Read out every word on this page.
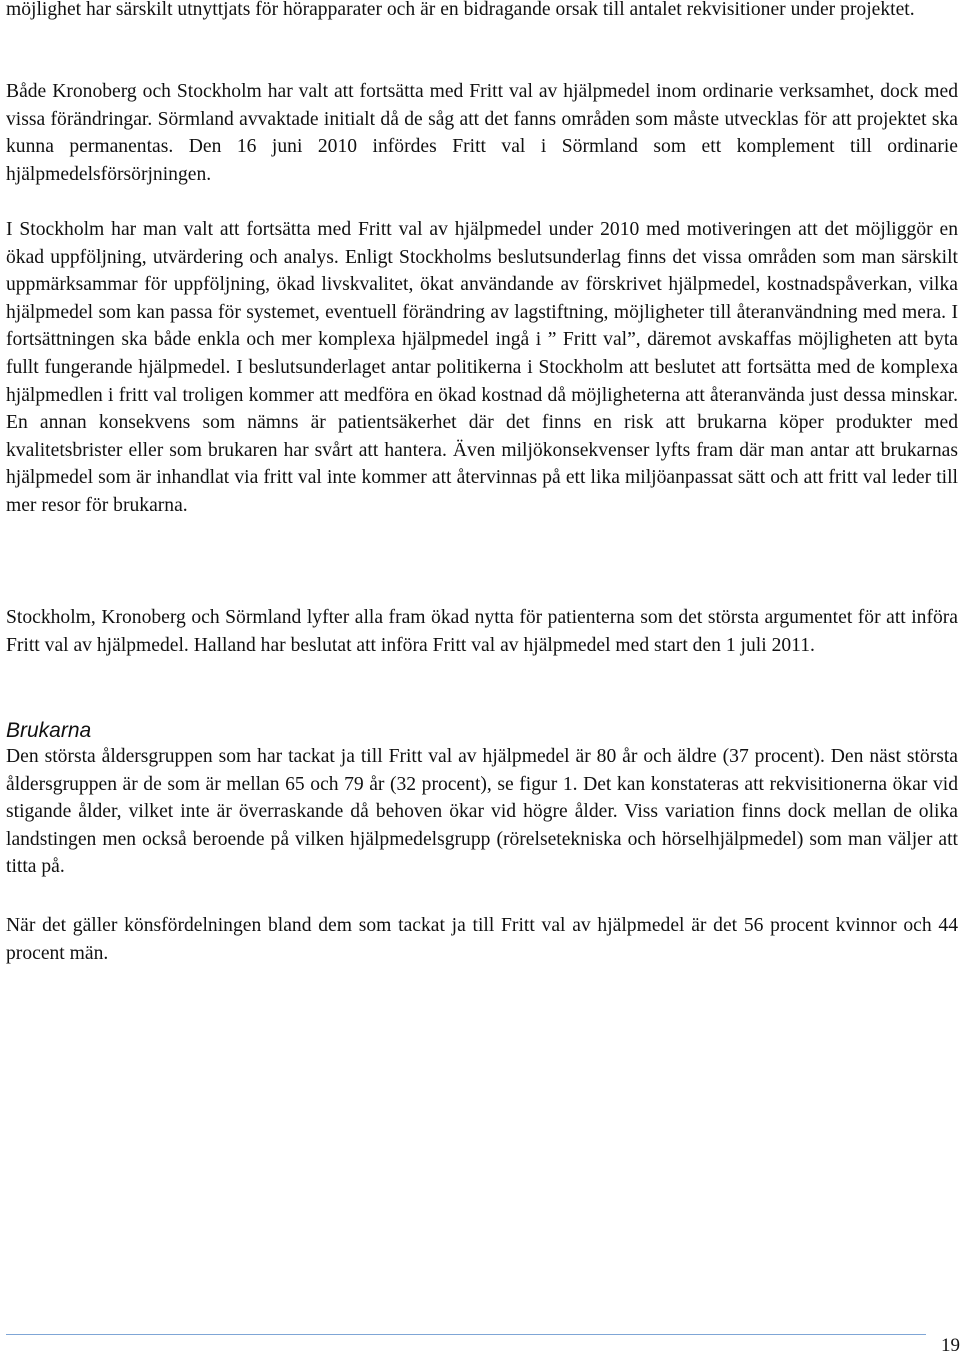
möjlighet har särskilt utnyttjats för hörapparater och är en bidragande orsak till antalet rekvisitioner under projektet.

Både Kronoberg och Stockholm har valt att fortsätta med Fritt val av hjälpmedel inom ordinarie verksamhet, dock med vissa förändringar. Sörmland avvaktade initialt då de såg att det fanns områden som måste utvecklas för att projektet ska kunna permanentas. Den 16 juni 2010 infördes Fritt val i Sörmland som ett komplement till ordinarie hjälpmedelsförsörjningen.

I Stockholm har man valt att fortsätta med Fritt val av hjälpmedel under 2010 med motiveringen att det möjliggör en ökad uppföljning, utvärdering och analys. Enligt Stockholms beslutsunderlag finns det vissa områden som man särskilt uppmärksammar för uppföljning, ökad livskvalitet, ökat användande av förskrivet hjälpmedel, kostnadspåverkan, vilka hjälpmedel som kan passa för systemet, eventuell förändring av lagstiftning, möjligheter till återanvändning med mera. I fortsättningen ska både enkla och mer komplexa hjälpmedel ingå i ” Fritt val”, däremot avskaffas möjligheten att byta fullt fungerande hjälpmedel. I beslutsunderlaget antar politikerna i Stockholm att beslutet att fortsätta med de komplexa hjälpmedlen i fritt val troligen kommer att medföra en ökad kostnad då möjligheterna att återanvända just dessa minskar. En annan konsekvens som nämns är patientsäkerhet där det finns en risk att brukarna köper produkter med kvalitetsbrister eller som brukaren har svårt att hantera. Även miljökonsekvenser lyfts fram där man antar att brukarnas hjälpmedel som är inhandlat via fritt val inte kommer att återvinnas på ett lika miljöanpassat sätt och att fritt val leder till mer resor för brukarna.

Stockholm, Kronoberg och Sörmland lyfter alla fram ökad nytta för patienterna som det största argumentet för att införa Fritt val av hjälpmedel. Halland har beslutat att införa Fritt val av hjälpmedel med start den 1 juli 2011.

Brukarna

Den största åldersgruppen som har tackat ja till Fritt val av hjälpmedel är 80 år och äldre (37 procent). Den näst största åldersgruppen är de som är mellan 65 och 79 år (32 procent), se figur 1. Det kan konstateras att rekvisitionerna ökar vid stigande ålder, vilket inte är överraskande då behoven ökar vid högre ålder. Viss variation finns dock mellan de olika landstingen men också beroende på vilken hjälpmedelsgrupp (rörelsetekniska och hörselhjälpmedel) som man väljer att titta på.

När det gäller könsfördelningen bland dem som tackat ja till Fritt val av hjälpmedel är det 56 procent kvinnor och 44 procent män.

19
